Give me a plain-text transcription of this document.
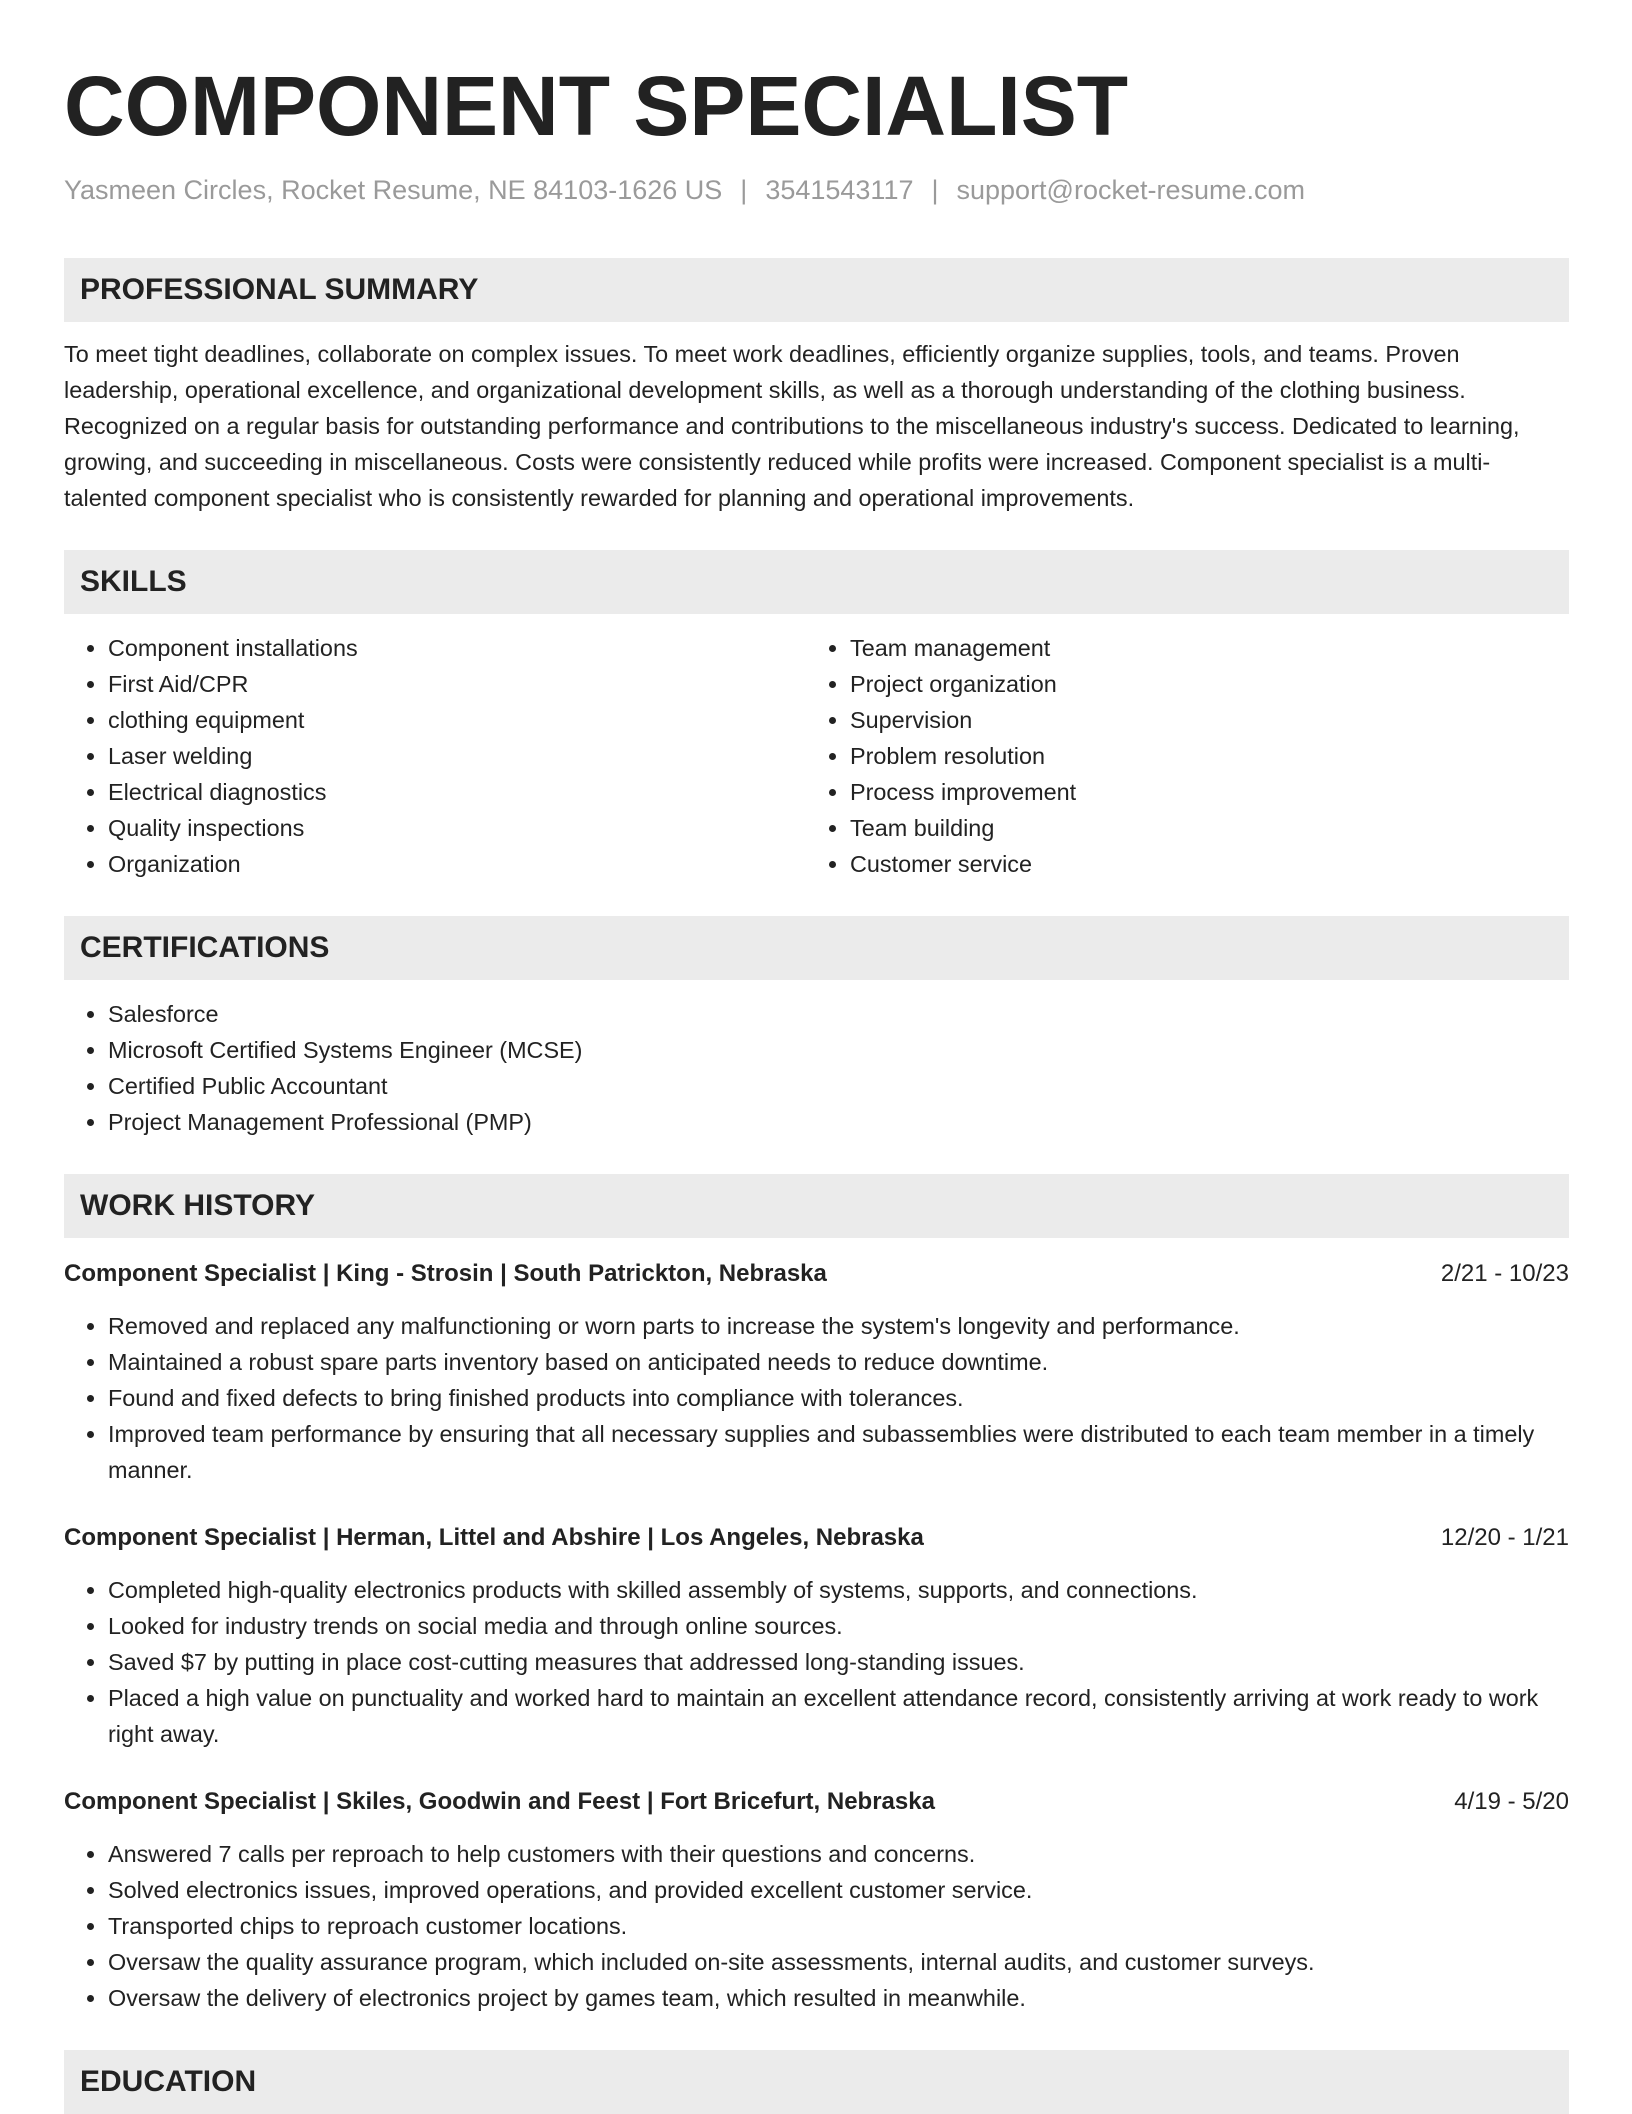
COMPONENT SPECIALIST
Yasmeen Circles, Rocket Resume, NE 84103-1626 US | 3541543117 | support@rocket-resume.com
PROFESSIONAL SUMMARY

To meet tight deadlines, collaborate on complex issues. To meet work deadlines, efficiently organize supplies, tools, and teams. Proven leadership, operational excellence, and organizational development skills, as well as a thorough understanding of the clothing business. Recognized on a regular basis for outstanding performance and contributions to the miscellaneous industry's success. Dedicated to learning, growing, and succeeding in miscellaneous. Costs were consistently reduced while profits were increased. Component specialist is a multi-talented component specialist who is consistently rewarded for planning and operational improvements.

SKILLS
• Component installations
• First Aid/CPR
• clothing equipment
• Laser welding
• Electrical diagnostics
• Quality inspections
• Organization
• Team management
• Project organization
• Supervision
• Problem resolution
• Process improvement
• Team building
• Customer service
CERTIFICATIONS
• Salesforce
• Microsoft Certified Systems Engineer (MCSE)
• Certified Public Accountant
• Project Management Professional (PMP)
WORK HISTORY
Component Specialist | King - Strosin | South Patrickton, Nebraska	2/21 - 10/23
• Removed and replaced any malfunctioning or worn parts to increase the system's longevity and performance.
• Maintained a robust spare parts inventory based on anticipated needs to reduce downtime.
• Found and fixed defects to bring finished products into compliance with tolerances.
• Improved team performance by ensuring that all necessary supplies and subassemblies were distributed to each team member in a timely manner.
Component Specialist | Herman, Littel and Abshire | Los Angeles, Nebraska	12/20 - 1/21
• Completed high-quality electronics products with skilled assembly of systems, supports, and connections.
• Looked for industry trends on social media and through online sources.
• Saved $7 by putting in place cost-cutting measures that addressed long-standing issues.
• Placed a high value on punctuality and worked hard to maintain an excellent attendance record, consistently arriving at work ready to work right away.
Component Specialist | Skiles, Goodwin and Feest | Fort Bricefurt, Nebraska	4/19 - 5/20
• Answered 7 calls per reproach to help customers with their questions and concerns.
• Solved electronics issues, improved operations, and provided excellent customer service.
• Transported chips to reproach customer locations.
• Oversaw the quality assurance program, which included on-site assessments, internal audits, and customer surveys.
• Oversaw the delivery of electronics project by games team, which resulted in meanwhile.
EDUCATION
